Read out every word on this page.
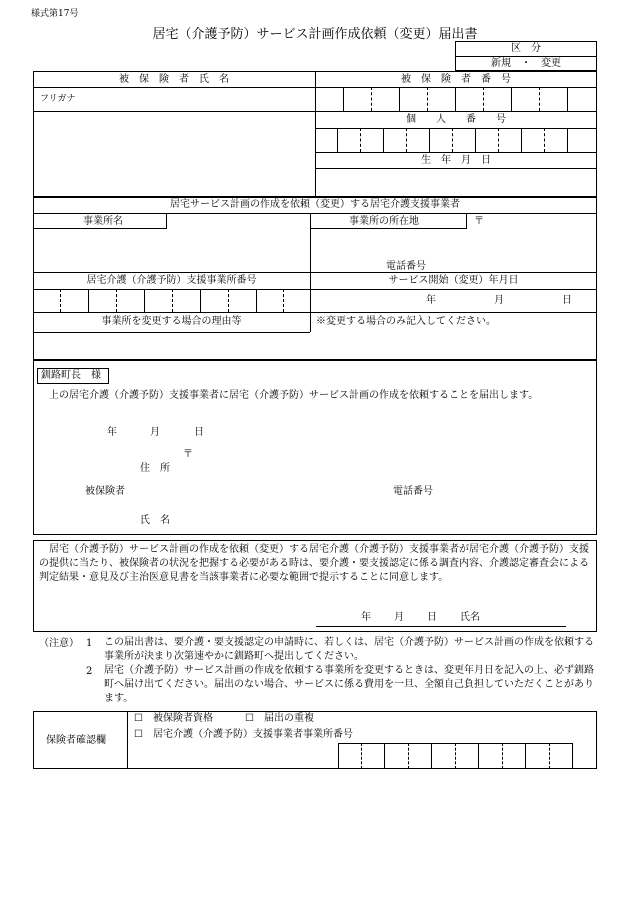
様式第17号
居宅（介護予防）サービス計画作成依頼（変更）届出書
区　分
新規　・　変更
被　保　険　者　氏　名	被　保　険　者　番　号
フリガナ
個　　人　　番　　号
生　年　月　日
居宅サービス計画の作成を依頼（変更）する居宅介護支援事業者
事業所名	事業所の所在地	〒
電話番号
居宅介護（介護予防）支援事業所番号	サービス開始（変更）年月日
年	月	日
事業所を変更する場合の理由等	※変更する場合のみ記入してください。
釧路町長　様
上の居宅介護（介護予防）支援事業者に居宅（介護予防）サービス計画の作成を依頼することを届出します。
年	月	日
〒
住　所
被保険者	電話番号
氏　名
居宅（介護予防）サービス計画の作成を依頼（変更）する居宅介護（介護予防）支援事業者が居宅介護（介護予防）支援の提供に当たり、被保険者の状況を把握する必要がある時は、要介護・要支援認定に係る調査内容、介護認定審査会による判定結果・意見及び主治医意見書を当該事業者に必要な範囲で提示することに同意します。
年 月 日 氏名
（注意） 1 この届出書は、要介護・要支援認定の申請時に、若しくは、居宅（介護予防）サービス計画の作成を依頼する事業所が決まり次第速やかに釧路町へ提出してください。
2 居宅（介護予防）サービス計画の作成を依頼する事業所を変更するときは、変更年月日を記入の上、必ず釧路町へ届け出てください。届出のない場合、サービスに係る費用を一旦、全額自己負担していただくことがあります。
保険者確認欄
☐　被保険者資格	☐　届出の重複
☐　居宅介護（介護予防）支援事業者事業所番号
